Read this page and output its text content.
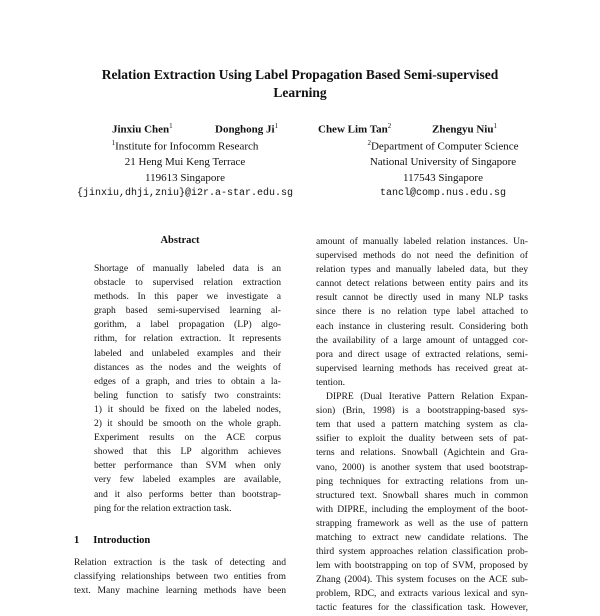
Relation Extraction Using Label Propagation Based Semi-supervised
Learning
Jinxiu Chen$^1$	Donghong Ji$^1$	Chew Lim Tan$^2$	Zhengyu Niu$^1$
$^1$Institute for Infocomm Research
21 Heng Mui Keng Terrace
119613 Singapore
{jinxiu,dhji,zniu}@i2r.a-star.edu.sg
$^2$Department of Computer Science
National University of Singapore
117543 Singapore
tancl@comp.nus.edu.sg
Abstract
Shortage of manually labeled data is an
obstacle to supervised relation extraction
methods. In this paper we investigate a
graph based semi-supervised learning al-
gorithm, a label propagation (LP) algo-
rithm, for relation extraction. It represents
labeled and unlabeled examples and their
distances as the nodes and the weights of
edges of a graph, and tries to obtain a la-
beling function to satisfy two constraints:
1) it should be fixed on the labeled nodes,
2) it should be smooth on the whole graph.
Experiment results on the ACE corpus
showed that this LP algorithm achieves
better performance than SVM when only
very few labeled examples are available,
and it also performs better than bootstrap-
ping for the relation extraction task.
1 Introduction
Relation extraction is the task of detecting and
classifying relationships between two entities from
text. Many machine learning methods have been
amount of manually labeled relation instances. Un-
supervised methods do not need the definition of
relation types and manually labeled data, but they
cannot detect relations between entity pairs and its
result cannot be directly used in many NLP tasks
since there is no relation type label attached to
each instance in clustering result. Considering both
the availability of a large amount of untagged cor-
pora and direct usage of extracted relations, semi-
supervised learning methods has received great at-
tention.
DIPRE (Dual Iterative Pattern Relation Expan-
sion) (Brin, 1998) is a bootstrapping-based sys-
tem that used a pattern matching system as cla-
ssifier to exploit the duality between sets of pat-
terns and relations. Snowball (Agichtein and Gra-
vano, 2000) is another system that used bootstrap-
ping techniques for extracting relations from un-
structured text. Snowball shares much in common
with DIPRE, including the employment of the boot-
strapping framework as well as the use of pattern
matching to extract new candidate relations. The
third system approaches relation classification prob-
lem with bootstrapping on top of SVM, proposed by
Zhang (2004). This system focuses on the ACE sub-
problem, RDC, and extracts various lexical and syn-
tactic features for the classification task. However,
